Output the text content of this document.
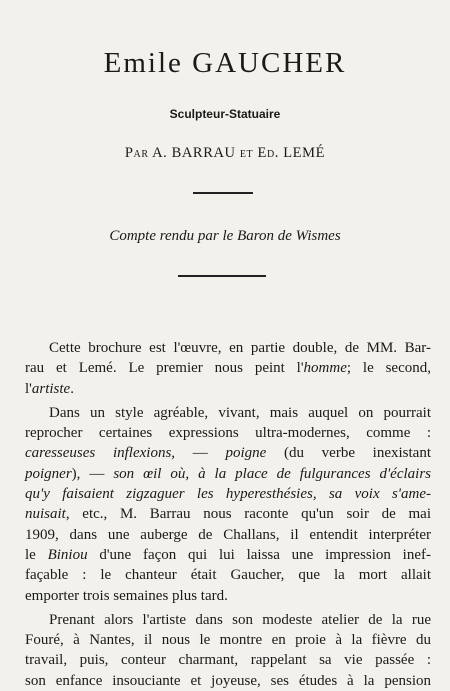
Emile GAUCHER
Sculpteur-Statuaire
Par A. BARRAU et Ed. LEMÉ
Compte rendu par le Baron de Wismes
Cette brochure est l'œuvre, en partie double, de MM. Bar-
rau et Lemé. Le premier nous peint l'homme; le second,
l'artiste.
Dans un style agréable, vivant, mais auquel on pourrait
reprocher certaines expressions ultra-modernes, comme :
caresseuses inflexions, — poigne (du verbe inexistant
poigner), — son œil où, à la place de fulgurances d'éclairs
qu'y faisaient zigzaguer les hyperesthésies, sa voix s'ame-
nuisait, etc., M. Barrau nous raconte qu'un soir de mai
1909, dans une auberge de Challans, il entendit interpréter
le Biniou d'une façon qui lui laissa une impression inef-
façable : le chanteur était Gaucher, que la mort allait
emporter trois semaines plus tard.
Prenant alors l'artiste dans son modeste atelier de la rue
Fouré, à Nantes, il nous le montre en proie à la fièvre du
travail, puis, conteur charmant, rappelant sa vie passée :
son enfance insouciante et joyeuse, ses études à la pension
